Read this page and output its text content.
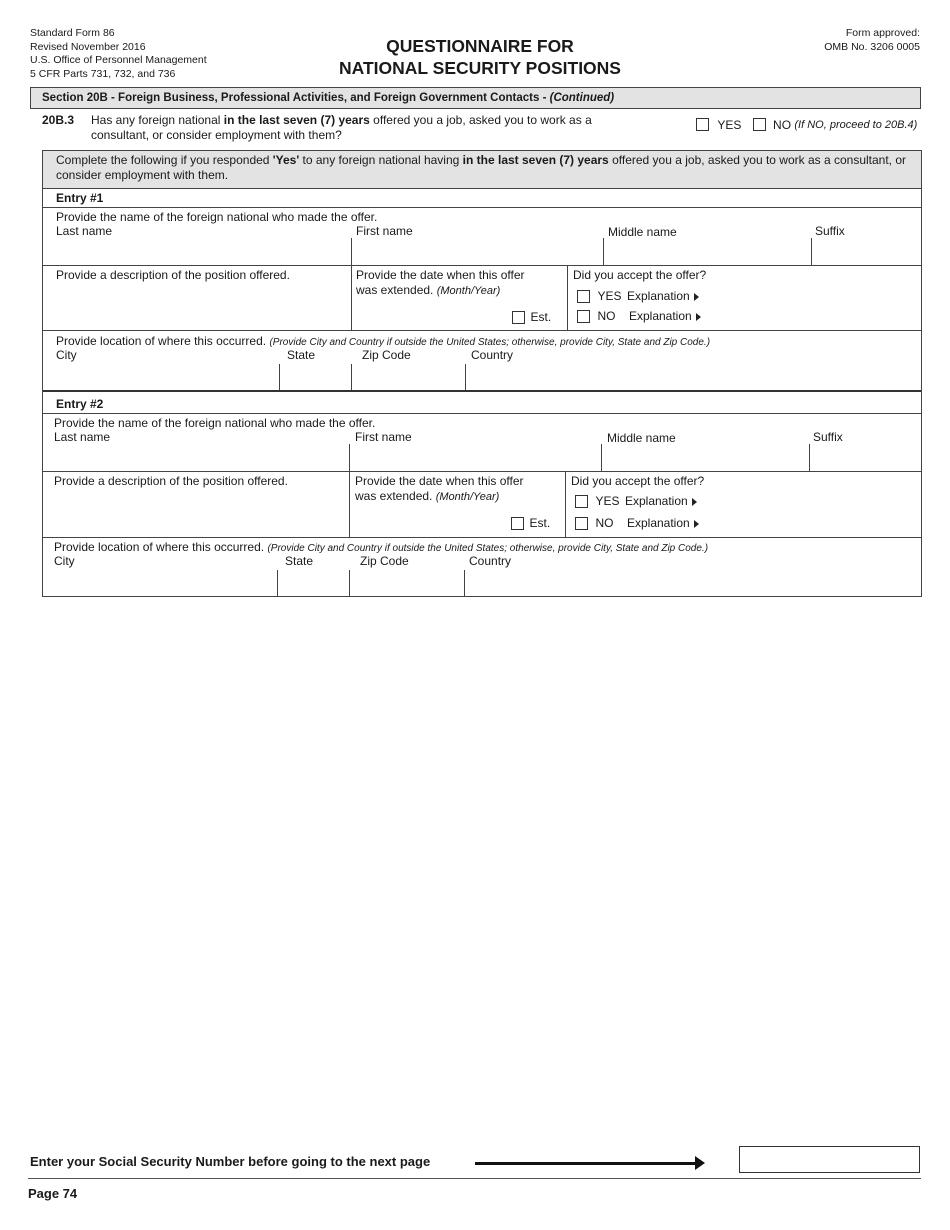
Standard Form 86
Revised November 2016
U.S. Office of Personnel Management
5 CFR Parts 731, 732, and 736
QUESTIONNAIRE FOR
NATIONAL SECURITY POSITIONS
Form approved:
OMB No. 3206 0005
Section 20B - Foreign Business, Professional Activities, and Foreign Government Contacts - (Continued)
20B.3 Has any foreign national in the last seven (7) years offered you a job, asked you to work as a consultant, or consider employment with them?
YES	NO (If NO, proceed to 20B.4)
Complete the following if you responded 'Yes' to any foreign national having in the last seven (7) years offered you a job, asked you to work as a consultant, or consider employment with them.
Entry #1
Provide the name of the foreign national who made the offer.
Last name	First name	Middle name	Suffix
Provide a description of the position offered.	Provide the date when this offer was extended. (Month/Year)
Est.
Did you accept the offer?
YES Explanation
NO Explanation
Provide location of where this occurred. (Provide City and Country if outside the United States; otherwise, provide City, State and Zip Code.)
City	State	Zip Code	Country
Entry #2
Provide the name of the foreign national who made the offer.
Last name	First name	Middle name	Suffix
Provide a description of the position offered.	Provide the date when this offer was extended. (Month/Year)
Est.
Did you accept the offer?
YES Explanation
NO Explanation
Provide location of where this occurred. (Provide City and Country if outside the United States; otherwise, provide City, State and Zip Code.)
City	State	Zip Code	Country
Enter your Social Security Number before going to the next page
Page 74
